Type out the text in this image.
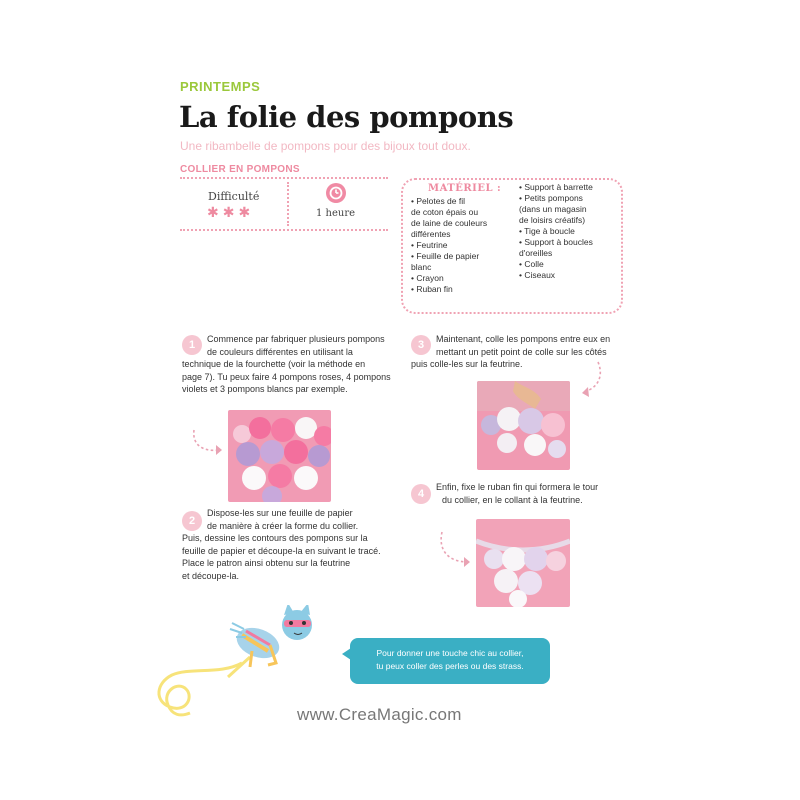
PRINTEMPS
La folie des pompons
Une ribambelle de pompons pour des bijoux tout doux.
COLLIER EN POMPONS
Difficulté
✱✱✱	1 heure
MATÉRIEL :
• Pelotes de fil
de coton épais ou
de laine de couleurs
différentes
• Feutrine
• Feuille de papier
blanc
• Crayon
• Ruban fin
• Support à barrette
• Petits pompons
(dans un magasin
de loisirs créatifs)
• Tige à boucle
• Support à boucles
d'oreilles
• Colle
• Ciseaux
1	Commence par fabriquer plusieurs pompons
de couleurs différentes en utilisant la
technique de la fourchette (voir la méthode en
page 7). Tu peux faire 4 pompons roses, 4 pompons
violets et 3 pompons blancs par exemple.
2
Dispose-les sur une feuille de papier
de manière à créer la forme du collier.
Puis, dessine les contours des pompons sur la
feuille de papier et découpe-la en suivant le tracé.
Place le patron ainsi obtenu sur la feutrine
et découpe-la.
3	Maintenant, colle les pompons entre eux en
mettant un petit point de colle sur les côtés
puis colle-les sur la feutrine.
4
Enfin, fixe le ruban fin qui formera le tour
du collier, en le collant à la feutrine.
Pour donner une touche chic au collier,
tu peux coller des perles ou des strass.
www.CreaMagic.com
